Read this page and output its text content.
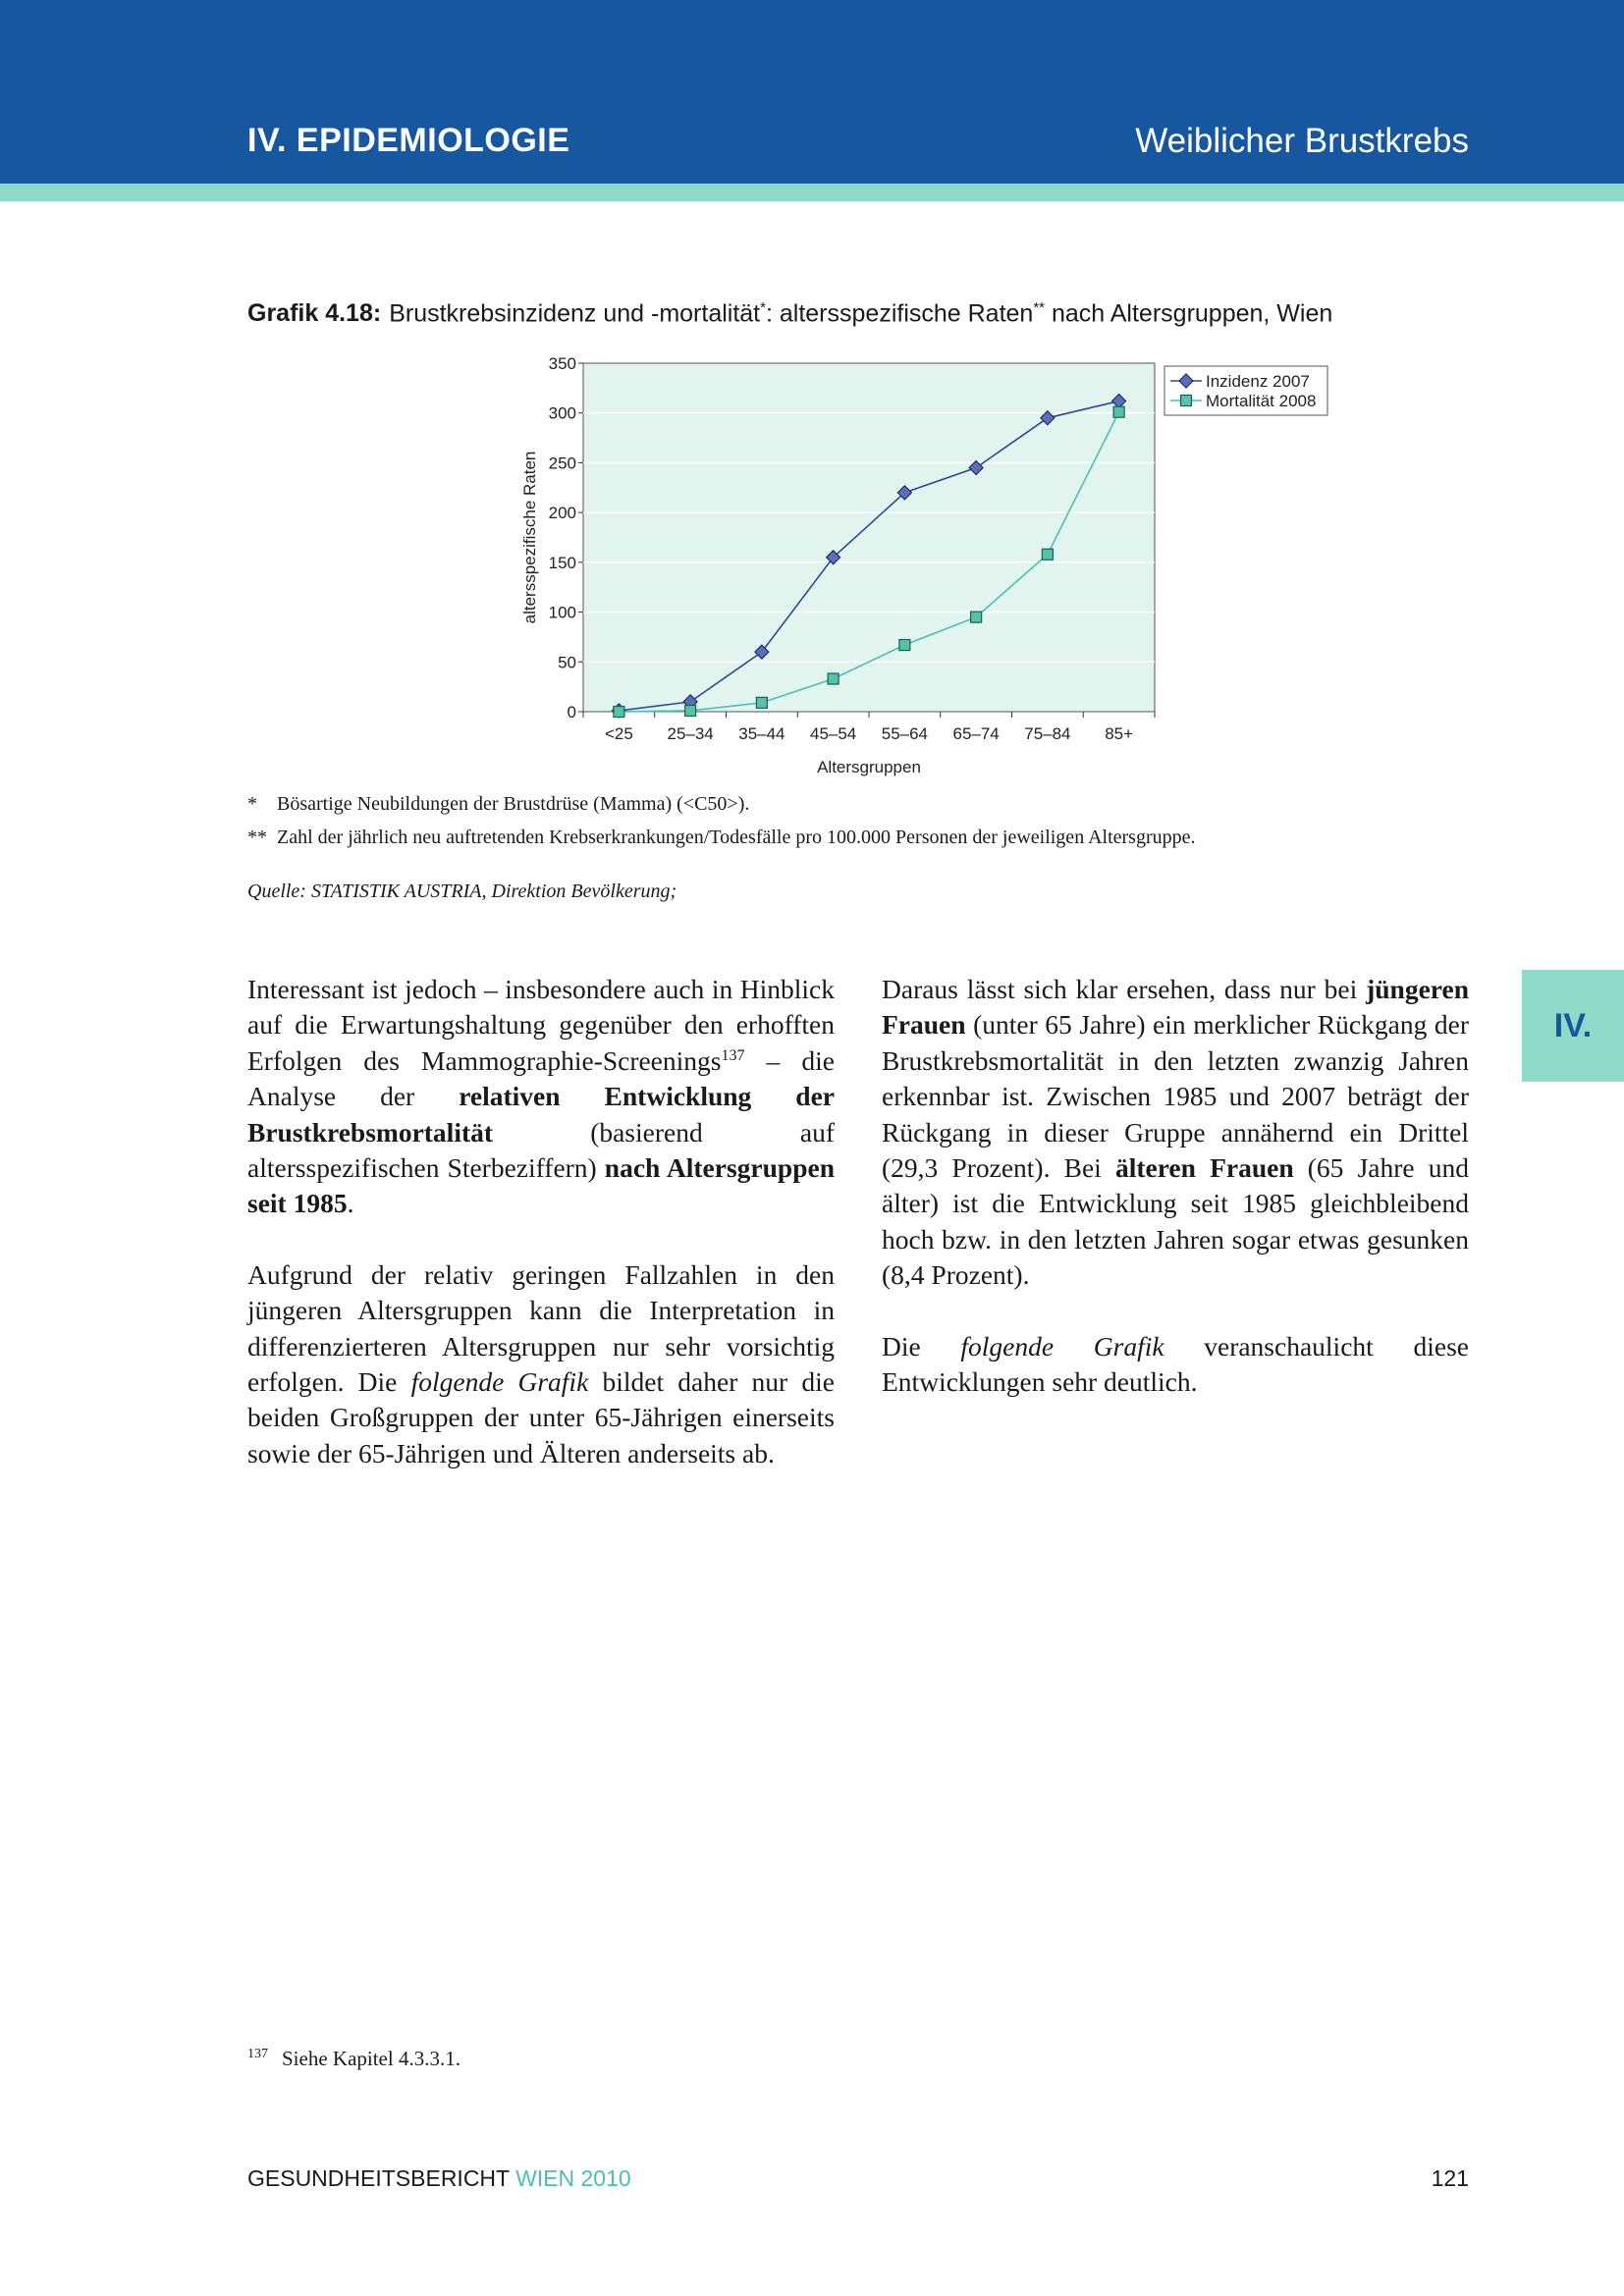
IV. EPIDEMIOLOGIE	Weiblicher Brustkrebs
Grafik 4.18: Brustkrebsinzidenz und -mortalität*: altersspezifische Raten** nach Altersgruppen, Wien
0
50
100
150
200
250
300
350
<25 25–34 35–44 45–54 55–64 65–74 75–84 85+
Altersgruppen
altersspezifische Raten
Inzidenz 2007
Mortalität 2008
* Bösartige Neubildungen der Brustdrüse (Mamma) (<C50>).
** Zahl der jährlich neu auftretenden Krebserkrankungen/Todesfälle pro 100.000 Personen der jeweiligen Altersgruppe.
Quelle: STATISTIK AUSTRIA, Direktion Bevölkerung;

Interessant ist jedoch – insbesondere auch in Hinblick auf die Erwartungshaltung gegenüber den erhofften Erfolgen des Mammographie-Screenings$^{137}$ – die Analyse der relativen Entwicklung der Brustkrebsmortalität (basierend auf altersspezifischen Sterbeziffern) nach Altersgruppen seit 1985.

Aufgrund der relativ geringen Fallzahlen in den jüngeren Altersgruppen kann die Interpretation in differenzierteren Altersgruppen nur sehr vorsichtig erfolgen. Die folgende Grafik bildet daher nur die beiden Großgruppen der unter 65-Jährigen einerseits sowie der 65-Jährigen und Älteren anderseits ab.

Daraus lässt sich klar ersehen, dass nur bei jüngeren Frauen (unter 65 Jahre) ein merklicher Rückgang der Brustkrebsmortalität in den letzten zwanzig Jahren erkennbar ist. Zwischen 1985 und 2007 beträgt der Rückgang in dieser Gruppe annähernd ein Drittel (29,3 Prozent). Bei älteren Frauen (65 Jahre und älter) ist die Entwicklung seit 1985 gleichbleibend hoch bzw. in den letzten Jahren sogar etwas gesunken (8,4 Prozent).

Die folgende Grafik veranschaulicht diese Entwicklungen sehr deutlich.

IV.
$^{137}$ Siehe Kapitel 4.3.3.1.
GESUNDHEITSBERICHT WIEN 2010	121
